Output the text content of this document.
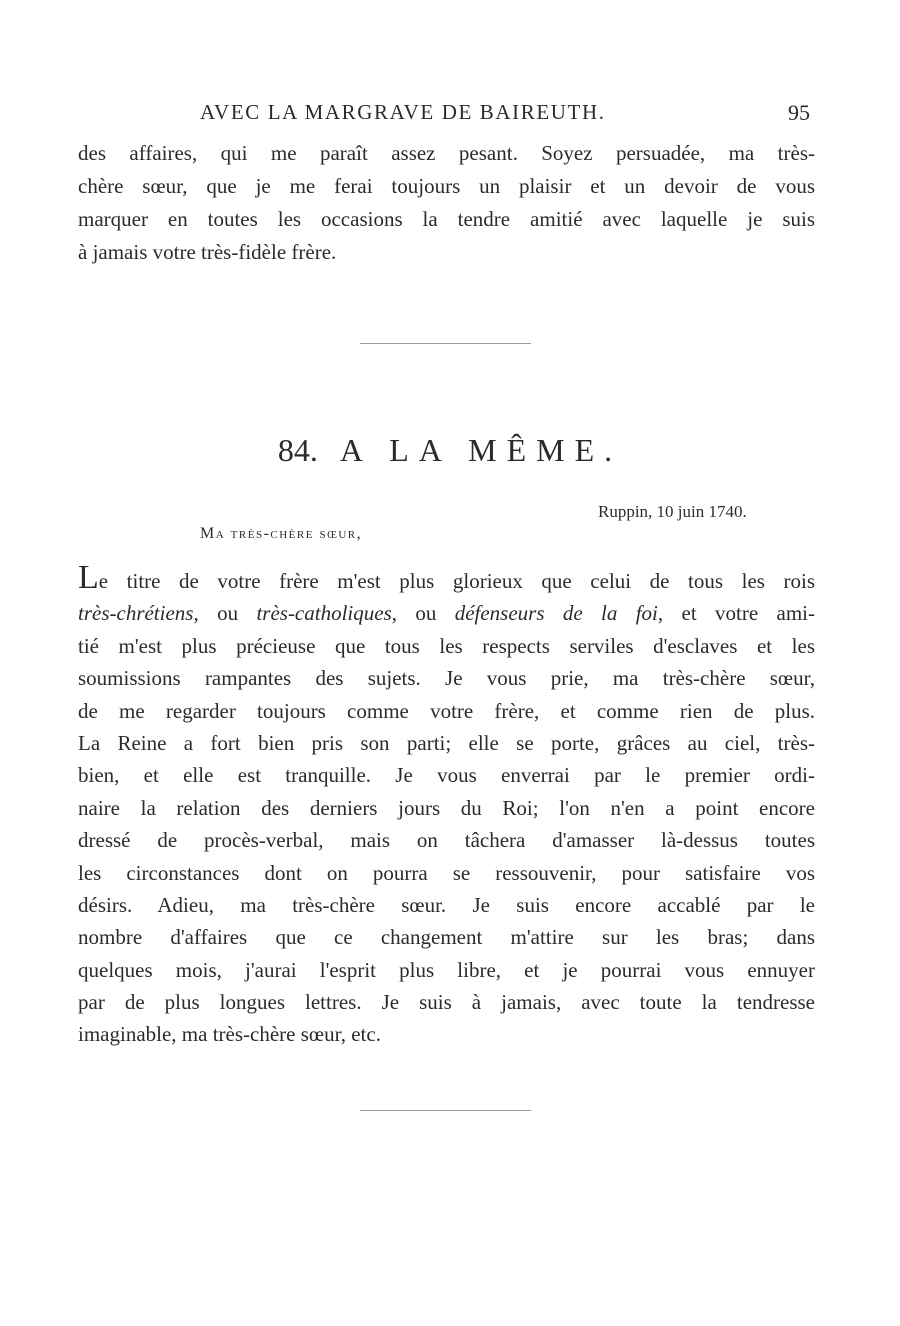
AVEC LA MARGRAVE DE BAIREUTH.	95
des affaires, qui me paraît assez pesant. Soyez persuadée, ma très-
chère sœur, que je me ferai toujours un plaisir et un devoir de vous
marquer en toutes les occasions la tendre amitié avec laquelle je suis
à jamais votre très-fidèle frère.
84. A LA MÊME.
Ruppin, 10 juin 1740.
Ma très-chère sœur,
Le titre de votre frère m'est plus glorieux que celui de tous les rois
très-chrétiens, ou très-catholiques, ou défenseurs de la foi, et votre ami-
tié m'est plus précieuse que tous les respects serviles d'esclaves et les
soumissions rampantes des sujets. Je vous prie, ma très-chère sœur,
de me regarder toujours comme votre frère, et comme rien de plus.
La Reine a fort bien pris son parti; elle se porte, grâces au ciel, très-
bien, et elle est tranquille. Je vous enverrai par le premier ordi-
naire la relation des derniers jours du Roi; l'on n'en a point encore
dressé de procès-verbal, mais on tâchera d'amasser là-dessus toutes
les circonstances dont on pourra se ressouvenir, pour satisfaire vos
désirs. Adieu, ma très-chère sœur. Je suis encore accablé par le
nombre d'affaires que ce changement m'attire sur les bras; dans
quelques mois, j'aurai l'esprit plus libre, et je pourrai vous ennuyer
par de plus longues lettres. Je suis à jamais, avec toute la tendresse
imaginable, ma très-chère sœur, etc.
